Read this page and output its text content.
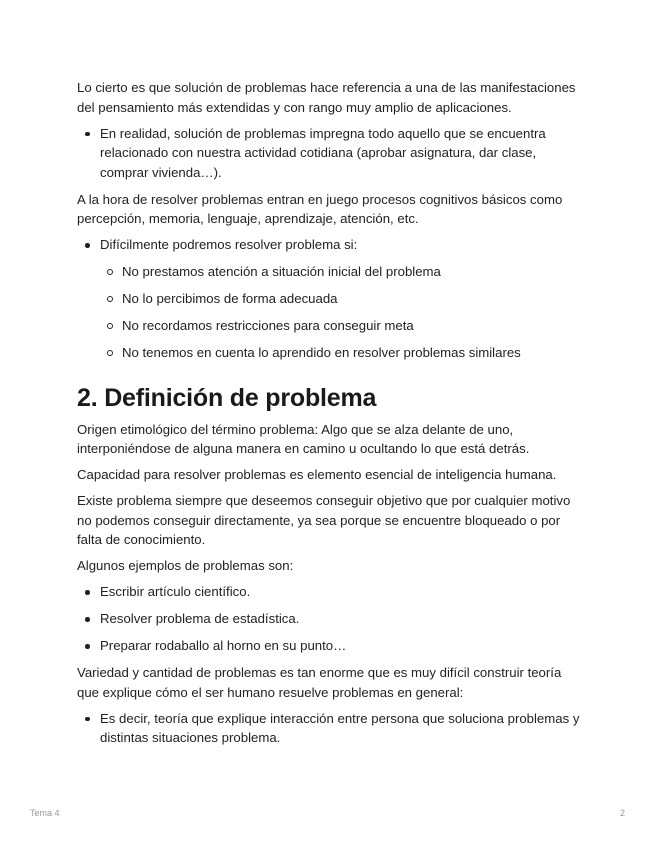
Lo cierto es que solución de problemas hace referencia a una de las manifestaciones del pensamiento más extendidas y con rango muy amplio de aplicaciones.

En realidad, solución de problemas impregna todo aquello que se encuentra relacionado con nuestra actividad cotidiana (aprobar asignatura, dar clase, comprar vivienda…).

A la hora de resolver problemas entran en juego procesos cognitivos básicos como percepción, memoria, lenguaje, aprendizaje, atención, etc.

Difícilmente podremos resolver problema si:
No prestamos atención a situación inicial del problema
No lo percibimos de forma adecuada
No recordamos restricciones para conseguir meta
No tenemos en cuenta lo aprendido en resolver problemas similares
2. Definición de problema

Origen etimológico del término problema: Algo que se alza delante de uno, interponiéndose de alguna manera en camino u ocultando lo que está detrás.

Capacidad para resolver problemas es elemento esencial de inteligencia humana.

Existe problema siempre que deseemos conseguir objetivo que por cualquier motivo no podemos conseguir directamente, ya sea porque se encuentre bloqueado o por falta de conocimiento.

Algunos ejemplos de problemas son:

Escribir artículo científico.
Resolver problema de estadística.
Preparar rodaballo al horno en su punto…

Variedad y cantidad de problemas es tan enorme que es muy difícil construir teoría que explique cómo el ser humano resuelve problemas en general:

Es decir, teoría que explique interacción entre persona que soluciona problemas y distintas situaciones problema.
Tema 4	2
